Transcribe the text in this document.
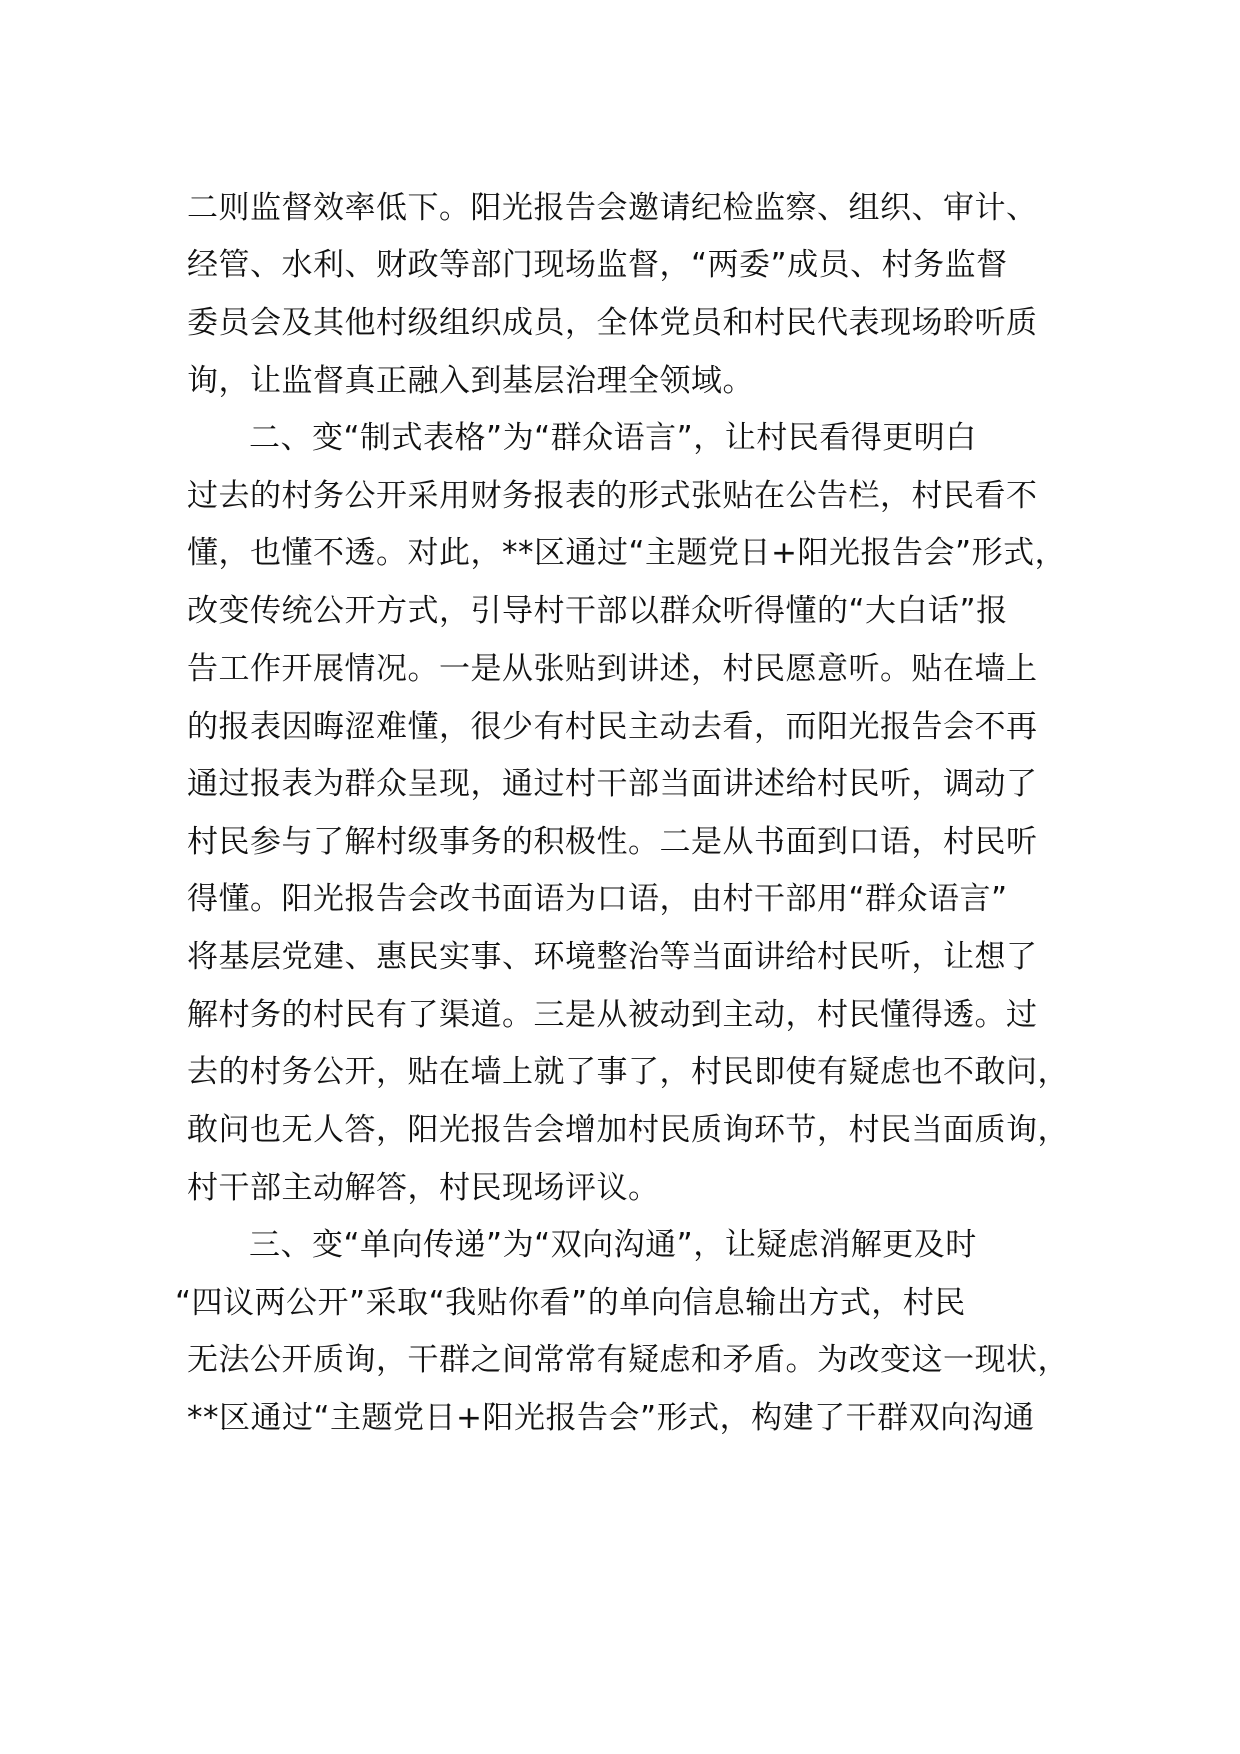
二则监督效率低下。阳光报告会邀请纪检监察、组织、审计、
经管、水利、财政等部门现场监督，“两委”成员、村务监督
委员会及其他村级组织成员，全体党员和村民代表现场聆听质
询，让监督真正融入到基层治理全领域。
二、变“制式表格”为“群众语言”，让村民看得更明白
过去的村务公开采用财务报表的形式张贴在公告栏，村民看不
懂，也懂不透。对此，**区通过“主题党日+阳光报告会”形式，
改变传统公开方式，引导村干部以群众听得懂的“大白话”报
告工作开展情况。一是从张贴到讲述，村民愿意听。贴在墙上
的报表因晦涩难懂，很少有村民主动去看，而阳光报告会不再
通过报表为群众呈现，通过村干部当面讲述给村民听，调动了
村民参与了解村级事务的积极性。二是从书面到口语，村民听
得懂。阳光报告会改书面语为口语，由村干部用“群众语言”
将基层党建、惠民实事、环境整治等当面讲给村民听，让想了
解村务的村民有了渠道。三是从被动到主动，村民懂得透。过
去的村务公开，贴在墙上就了事了，村民即使有疑虑也不敢问，
敢问也无人答，阳光报告会增加村民质询环节，村民当面质询，
村干部主动解答，村民现场评议。
三、变“单向传递”为“双向沟通”，让疑虑消解更及时
“四议两公开”采取“我贴你看”的单向信息输出方式，村民
无法公开质询，干群之间常常有疑虑和矛盾。为改变这一现状，
**区通过“主题党日+阳光报告会”形式，构建了干群双向沟通
